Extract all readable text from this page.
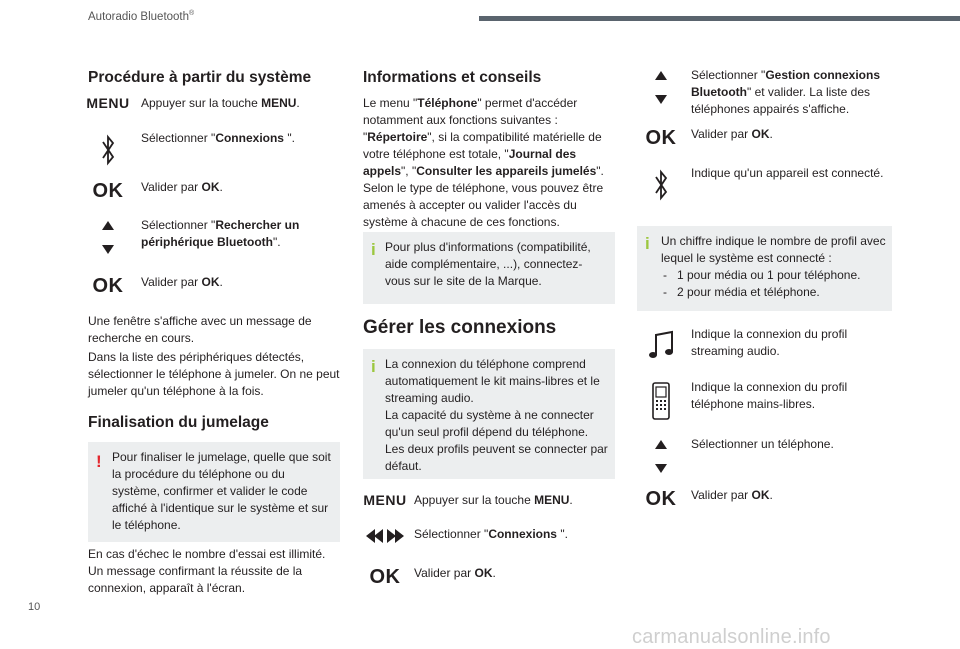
Autoradio Bluetooth®
Procédure à partir du système
MENU Appuyer sur la touche MENU.
Sélectionner "Connexions ".
OK	Valider par OK.
Sélectionner "Rechercher un périphérique Bluetooth".
OK	Valider par OK.

Une fenêtre s'affiche avec un message de recherche en cours.

Dans la liste des périphériques détectés, sélectionner le téléphone à jumeler. On ne peut jumeler qu'un téléphone à la fois.

Finalisation du jumelage
! Pour finaliser le jumelage, quelle que soit la procédure du téléphone ou du système, confirmer et valider le code affiché à l'identique sur le système et sur le téléphone.

En cas d'échec le nombre d'essai est illimité. Un message confirmant la réussite de la connexion, apparaît à l'écran.

Informations et conseils

Le menu "Téléphone" permet d'accéder notamment aux fonctions suivantes : "Répertoire", si la compatibilité matérielle de votre téléphone est totale, "Journal des appels", "Consulter les appareils jumelés". Selon le type de téléphone, vous pouvez être amenés à accepter ou valider l'accès du système à chacune de ces fonctions.

i Pour plus d'informations (compatibilité, aide complémentaire, ...), connectez-vous sur le site de la Marque.
Gérer les connexions
i La connexion du téléphone comprend automatiquement le kit mains-libres et le streaming audio.
La capacité du système à ne connecter qu'un seul profil dépend du téléphone.
Les deux profils peuvent se connecter par défaut.
MENU Appuyer sur la touche MENU.
Sélectionner "Connexions ".
OK	Valider par OK.
Sélectionner "Gestion connexions Bluetooth" et valider. La liste des téléphones appairés s'affiche.
OK	Valider par OK.
Indique qu'un appareil est connecté.
i Un chiffre indique le nombre de profil avec lequel le système est connecté :
- 1 pour média ou 1 pour téléphone.
- 2 pour média et téléphone.
Indique la connexion du profil streaming audio.
Indique la connexion du profil téléphone mains-libres.
Sélectionner un téléphone.
OK	Valider par OK.
10
carmanualsonline.info
